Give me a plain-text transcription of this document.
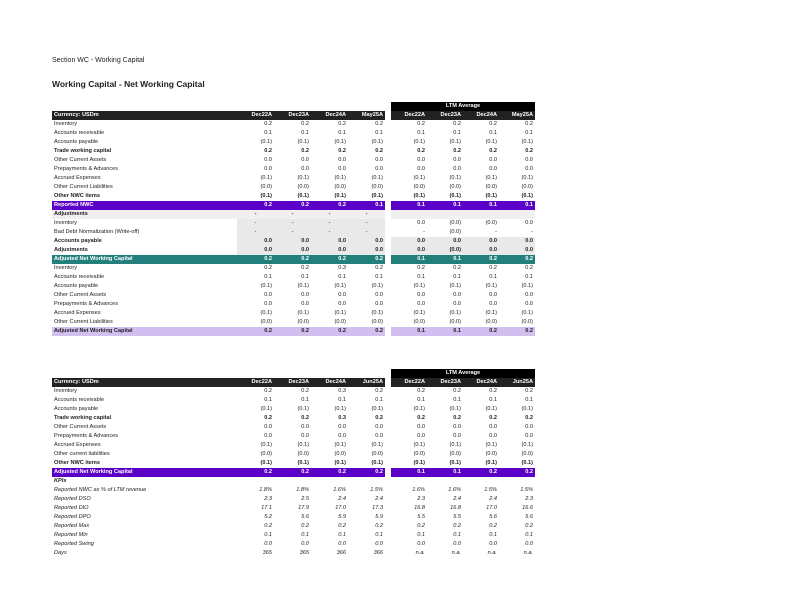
Section WC - Working Capital
Working Capital - Net Working Capital
						LTM Average			
Currency: USDm	Dec22A	Dec23A	Dec24A	May25A		Dec22A	Dec23A	Dec24A	May25A
Inventory	0.2	0.2	0.2	0.2		0.2	0.2	0.2	0.2
Accounts receivable	0.1	0.1	0.1	0.1		0.1	0.1	0.1	0.1
Accounts payable	(0.1)	(0.1)	(0.1)	(0.1)		(0.1)	(0.1)	(0.1)	(0.1)
Trade working capital	0.2	0.2	0.2	0.2		0.2	0.2	0.2	0.2
Other Current Assets	0.0	0.0	0.0	0.0		0.0	0.0	0.0	0.0
Prepayments & Advances	0.0	0.0	0.0	0.0		0.0	0.0	0.0	0.0
Accrued Expenses	(0.1)	(0.1)	(0.1)	(0.1)		(0.1)	(0.1)	(0.1)	(0.1)
Other Current Liabilities	(0.0)	(0.0)	(0.0)	(0.0)		(0.0)	(0.0)	(0.0)	(0.0)
Other NWC items	(0.1)	(0.1)	(0.1)	(0.1)		(0.1)	(0.1)	(0.1)	(0.1)
Reported NWC	0.2	0.2	0.2	0.1		0.1	0.1	0.1	0.1
Adjustments	-	-	-	-					
Inventory	-	-	-	-		0.0	(0.0)	(0.0)	0.0
Bad Debt Normalization (Write-off)	-	-	-	-		-	(0.0)	-	-
Accounts payable	0.0	0.0	0.0	0.0		0.0	0.0	0.0	0.0
Adjustments	0.0	0.0	0.0	0.0		0.0	(0.0)	0.0	0.0
Adjusted Net Working Capital	0.2	0.2	0.2	0.2		0.1	0.1	0.2	0.2
Inventory	0.2	0.2	0.3	0.2		0.2	0.2	0.2	0.2
Accounts receivable	0.1	0.1	0.1	0.1		0.1	0.1	0.1	0.1
Accounts payable	(0.1)	(0.1)	(0.1)	(0.1)		(0.1)	(0.1)	(0.1)	(0.1)
Other Current Assets	0.0	0.0	0.0	0.0		0.0	0.0	0.0	0.0
Prepayments & Advances	0.0	0.0	0.0	0.0		0.0	0.0	0.0	0.0
Accrued Expenses	(0.1)	(0.1)	(0.1)	(0.1)		(0.1)	(0.1)	(0.1)	(0.1)
Other Current Liabilities	(0.0)	(0.0)	(0.0)	(0.0)		(0.0)	(0.0)	(0.0)	(0.0)
Adjusted Net Working Capital	0.2	0.2	0.2	0.2		0.1	0.1	0.2	0.2
						LTM Average			
Currency: USDm	Dec22A	Dec23A	Dec24A	Jun25A		Dec22A	Dec23A	Dec24A	Jun25A
Inventory	0.2	0.2	0.3	0.2		0.2	0.2	0.2	0.2
Accounts receivable	0.1	0.1	0.1	0.1		0.1	0.1	0.1	0.1
Accounts payable	(0.1)	(0.1)	(0.1)	(0.1)		(0.1)	(0.1)	(0.1)	(0.1)
Trade working capital	0.2	0.2	0.3	0.2		0.2	0.2	0.2	0.2
Other Current Assets	0.0	0.0	0.0	0.0		0.0	0.0	0.0	0.0
Prepayments & Advances	0.0	0.0	0.0	0.0		0.0	0.0	0.0	0.0
Accrued Expenses	(0.1)	(0.1)	(0.1)	(0.1)		(0.1)	(0.1)	(0.1)	(0.1)
Other current liabilities	(0.0)	(0.0)	(0.0)	(0.0)		(0.0)	(0.0)	(0.0)	(0.0)
Other NWC items	(0.1)	(0.1)	(0.1)	(0.1)		(0.1)	(0.1)	(0.1)	(0.1)
Adjusted Net Working Capital	0.2	0.2	0.2	0.2		0.1	0.1	0.2	0.2
KPIs									
Reported NWC as % of LTM revenue	1.8%	1.8%	1.6%	1.5%		1.6%	1.6%	1.5%	1.5%
Reported DSO	2.3	2.5	2.4	2.4		2.3	2.4	2.4	2.3
Reported DIO	17.1	17.9	17.0	17.3		16.8	16.8	17.0	16.6
Reported DPO	5.2	5.6	5.9	5.9		5.5	5.5	5.6	5.6
Reported Max	0.2	0.2	0.2	0.2		0.2	0.2	0.2	0.2
Reported Min	0.1	0.1	0.1	0.1		0.1	0.1	0.1	0.1
Reported Swing	0.0	0.0	0.0	0.0		0.0	0.0	0.0	0.0
Days	365	365	366	366		n.a.	n.a.	n.a.	n.a.
